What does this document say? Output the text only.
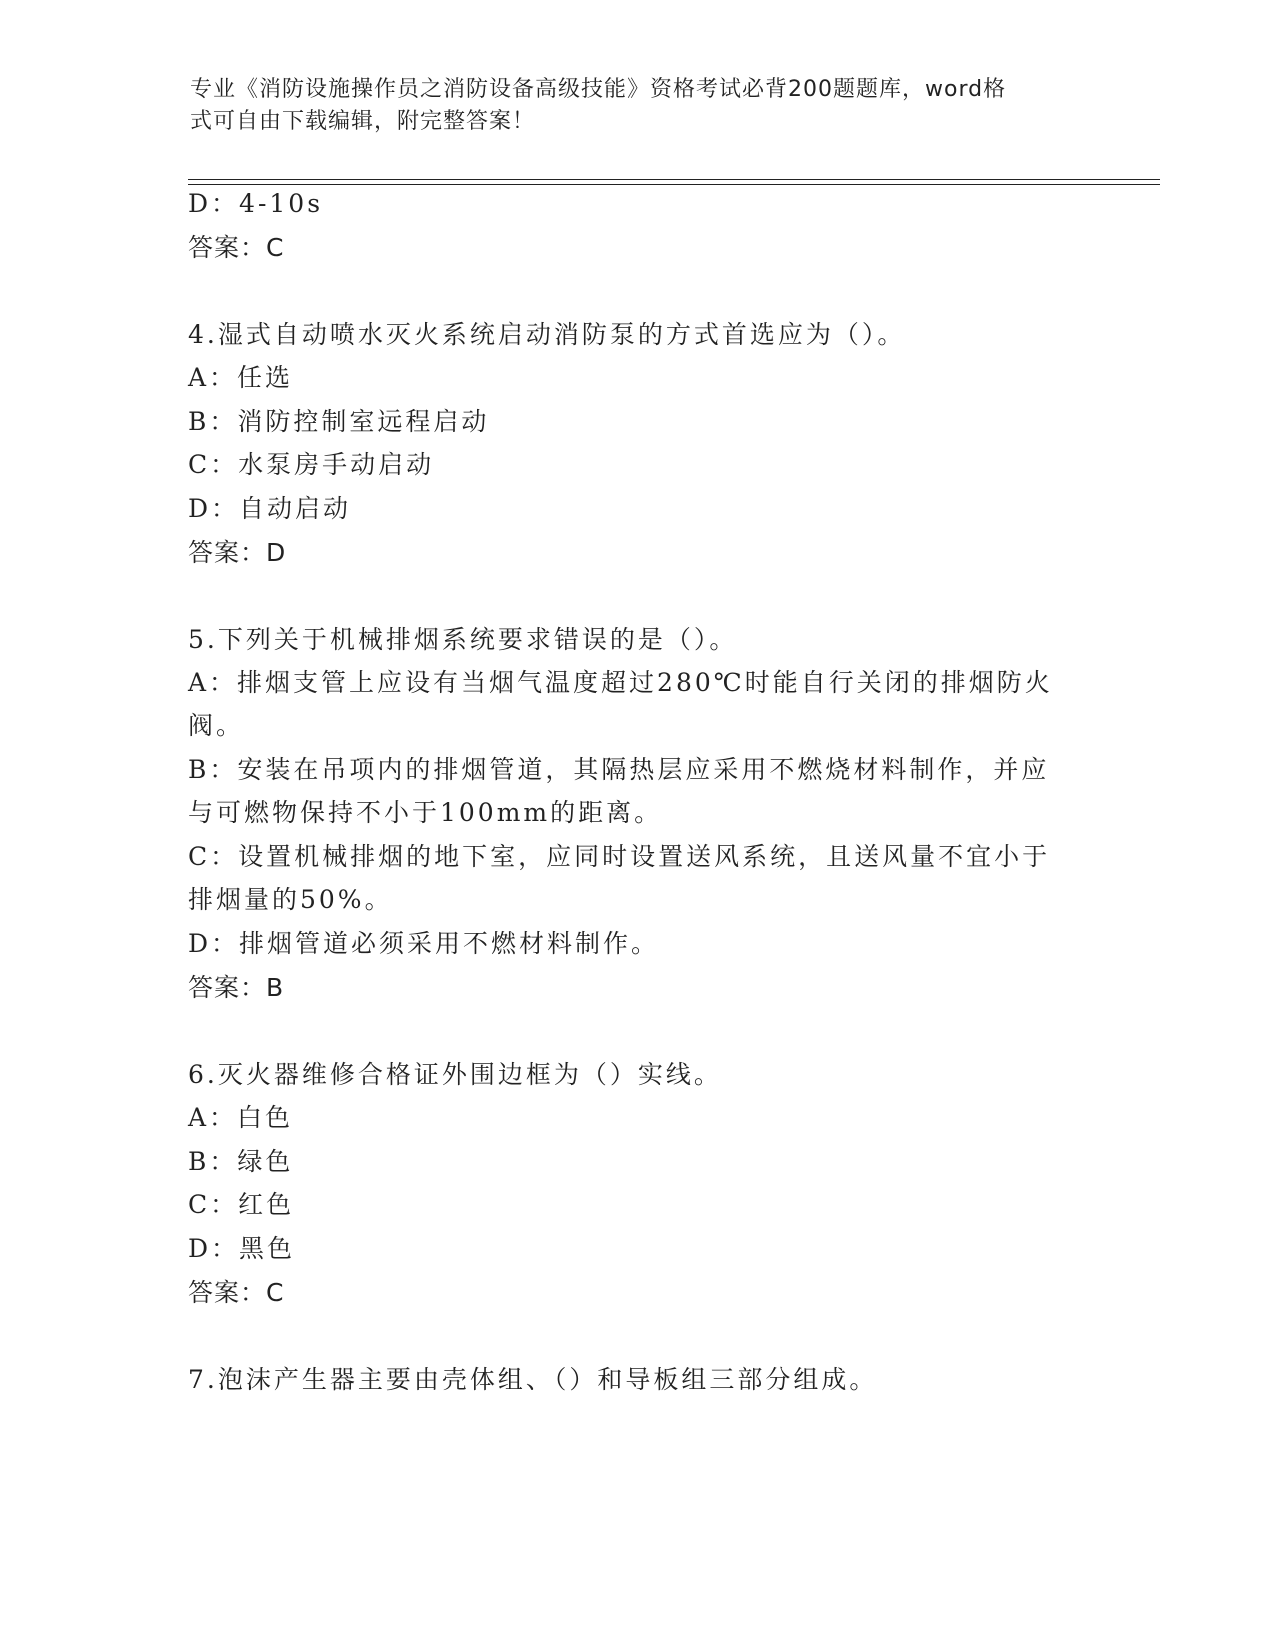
专业《消防设施操作员之消防设备高级技能》资格考试必背200题题库，word格
式可自由下载编辑，附完整答案！
D：4-10s
答案：C
4.湿式自动喷水灭火系统启动消防泵的方式首选应为（）。
A：任选
B：消防控制室远程启动
C：水泵房手动启动
D：自动启动
答案：D
5.下列关于机械排烟系统要求错误的是（）。
A：排烟支管上应设有当烟气温度超过280℃时能自行关闭的排烟防火
阀。
B：安装在吊项内的排烟管道，其隔热层应采用不燃烧材料制作，并应
与可燃物保持不小于100mm的距离。
C：设置机械排烟的地下室，应同时设置送风系统，且送风量不宜小于
排烟量的50%。
D：排烟管道必须采用不燃材料制作。
答案：B
6.灭火器维修合格证外围边框为（）实线。
A：白色
B：绿色
C：红色
D：黑色
答案：C
7.泡沫产生器主要由壳体组、（）和导板组三部分组成。
